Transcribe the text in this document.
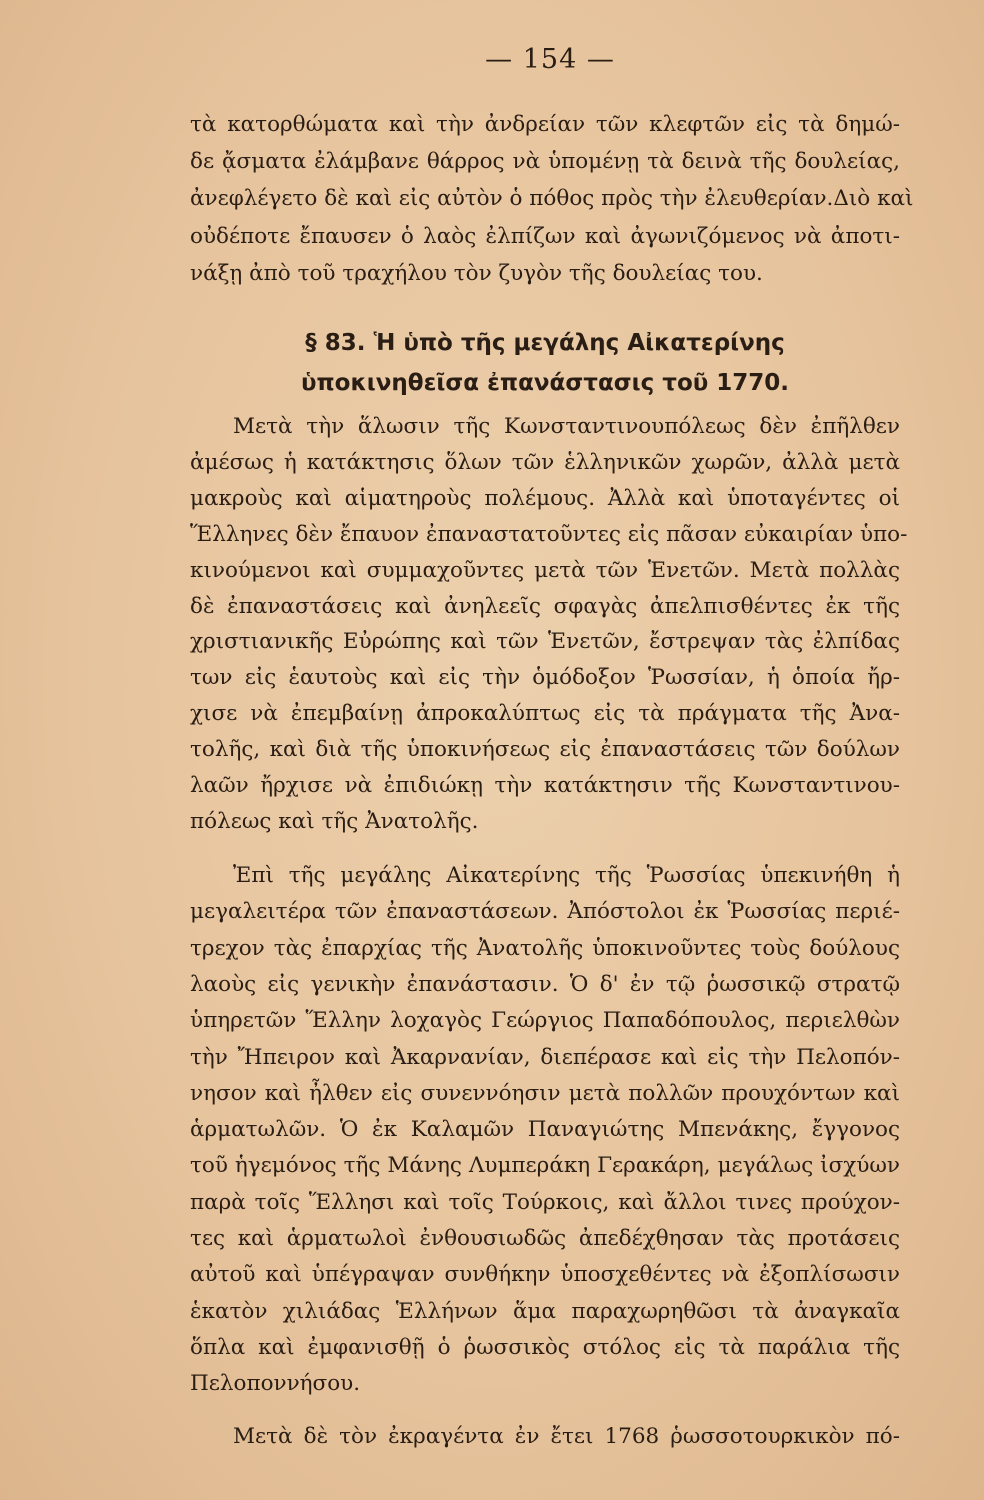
— 154 —
τὰ κατορθώματα καὶ τὴν ἀνδρείαν τῶν κλεφτῶν εἰς τὰ δημώ-
δε ᾄσματα ἐλάμβανε θάρρος νὰ ὑπομένῃ τὰ δεινὰ τῆς δουλείας,
ἀνεφλέγετο δὲ καὶ εἰς αὐτὸν ὁ πόθος πρὸς τὴν ἐλευθερίαν.Διὸ καὶ
οὐδέποτε ἔπαυσεν ὁ λαὸς ἐλπίζων καὶ ἀγωνιζόμενος νὰ ἀποτι-
νάξῃ ἀπὸ τοῦ τραχήλου τὸν ζυγὸν τῆς δουλείας του.
§ 83. Ἡ ὑπὸ τῆς μεγάλης Αἰκατερίνης
ὑποκινηθεῖσα ἐπανάστασις τοῦ 1770.
Μετὰ τὴν ἅλωσιν τῆς Κωνσταντινουπόλεως δὲν ἐπῆλθεν
ἀμέσως ἡ κατάκτησις ὅλων τῶν ἑλληνικῶν χωρῶν, ἀλλὰ μετὰ
μακροὺς καὶ αἱματηροὺς πολέμους. Ἀλλὰ καὶ ὑποταγέντες οἱ
Ἕλληνες δὲν ἔπαυον ἐπαναστατοῦντες εἰς πᾶσαν εὐκαιρίαν ὑπο-
κινούμενοι καὶ συμμαχοῦντες μετὰ τῶν Ἑνετῶν. Μετὰ πολλὰς
δὲ ἐπαναστάσεις καὶ ἀνηλεεῖς σφαγὰς ἀπελπισθέντες ἐκ τῆς
χριστιανικῆς Εὐρώπης καὶ τῶν Ἑνετῶν, ἔστρεψαν τὰς ἐλπίδας
των εἰς ἑαυτοὺς καὶ εἰς τὴν ὁμόδοξον Ῥωσσίαν, ἡ ὁποία ἤρ-
χισε νὰ ἐπεμβαίνῃ ἀπροκαλύπτως εἰς τὰ πράγματα τῆς Ἀνα-
τολῆς, καὶ διὰ τῆς ὑποκινήσεως εἰς ἐπαναστάσεις τῶν δούλων
λαῶν ἤρχισε νὰ ἐπιδιώκῃ τὴν κατάκτησιν τῆς Κωνσταντινου-
πόλεως καὶ τῆς Ἀνατολῆς.
Ἐπὶ τῆς μεγάλης Αἰκατερίνης τῆς Ῥωσσίας ὑπεκινήθη ἡ
μεγαλειτέρα τῶν ἐπαναστάσεων. Ἀπόστολοι ἐκ Ῥωσσίας περιέ-
τρεχον τὰς ἐπαρχίας τῆς Ἀνατολῆς ὑποκινοῦντες τοὺς δούλους
λαοὺς εἰς γενικὴν ἐπανάστασιν. Ὁ δ' ἐν τῷ ῥωσσικῷ στρατῷ
ὑπηρετῶν Ἕλλην λοχαγὸς Γεώργιος Παπαδόπουλος, περιελθὼν
τὴν Ἤπειρον καὶ Ἀκαρνανίαν, διεπέρασε καὶ εἰς τὴν Πελοπόν-
νησον καὶ ἦλθεν εἰς συνεννόησιν μετὰ πολλῶν προυχόντων καὶ
ἁρματωλῶν. Ὁ ἐκ Καλαμῶν Παναγιώτης Μπενάκης, ἔγγονος
τοῦ ἡγεμόνος τῆς Μάνης Λυμπεράκη Γερακάρη, μεγάλως ἰσχύων
παρὰ τοῖς Ἕλλησι καὶ τοῖς Τούρκοις, καὶ ἄλλοι τινες προύχον-
τες καὶ ἁρματωλοὶ ἐνθουσιωδῶς ἀπεδέχθησαν τὰς προτάσεις
αὐτοῦ καὶ ὑπέγραψαν συνθήκην ὑποσχεθέντες νὰ ἐξοπλίσωσιν
ἑκατὸν χιλιάδας Ἑλλήνων ἅμα παραχωρηθῶσι τὰ ἀναγκαῖα
ὅπλα καὶ ἐμφανισθῇ ὁ ῥωσσικὸς στόλος εἰς τὰ παράλια τῆς
Πελοποννήσου.
Μετὰ δὲ τὸν ἐκραγέντα ἐν ἔτει 1768 ῥωσσοτουρκικὸν πό-
